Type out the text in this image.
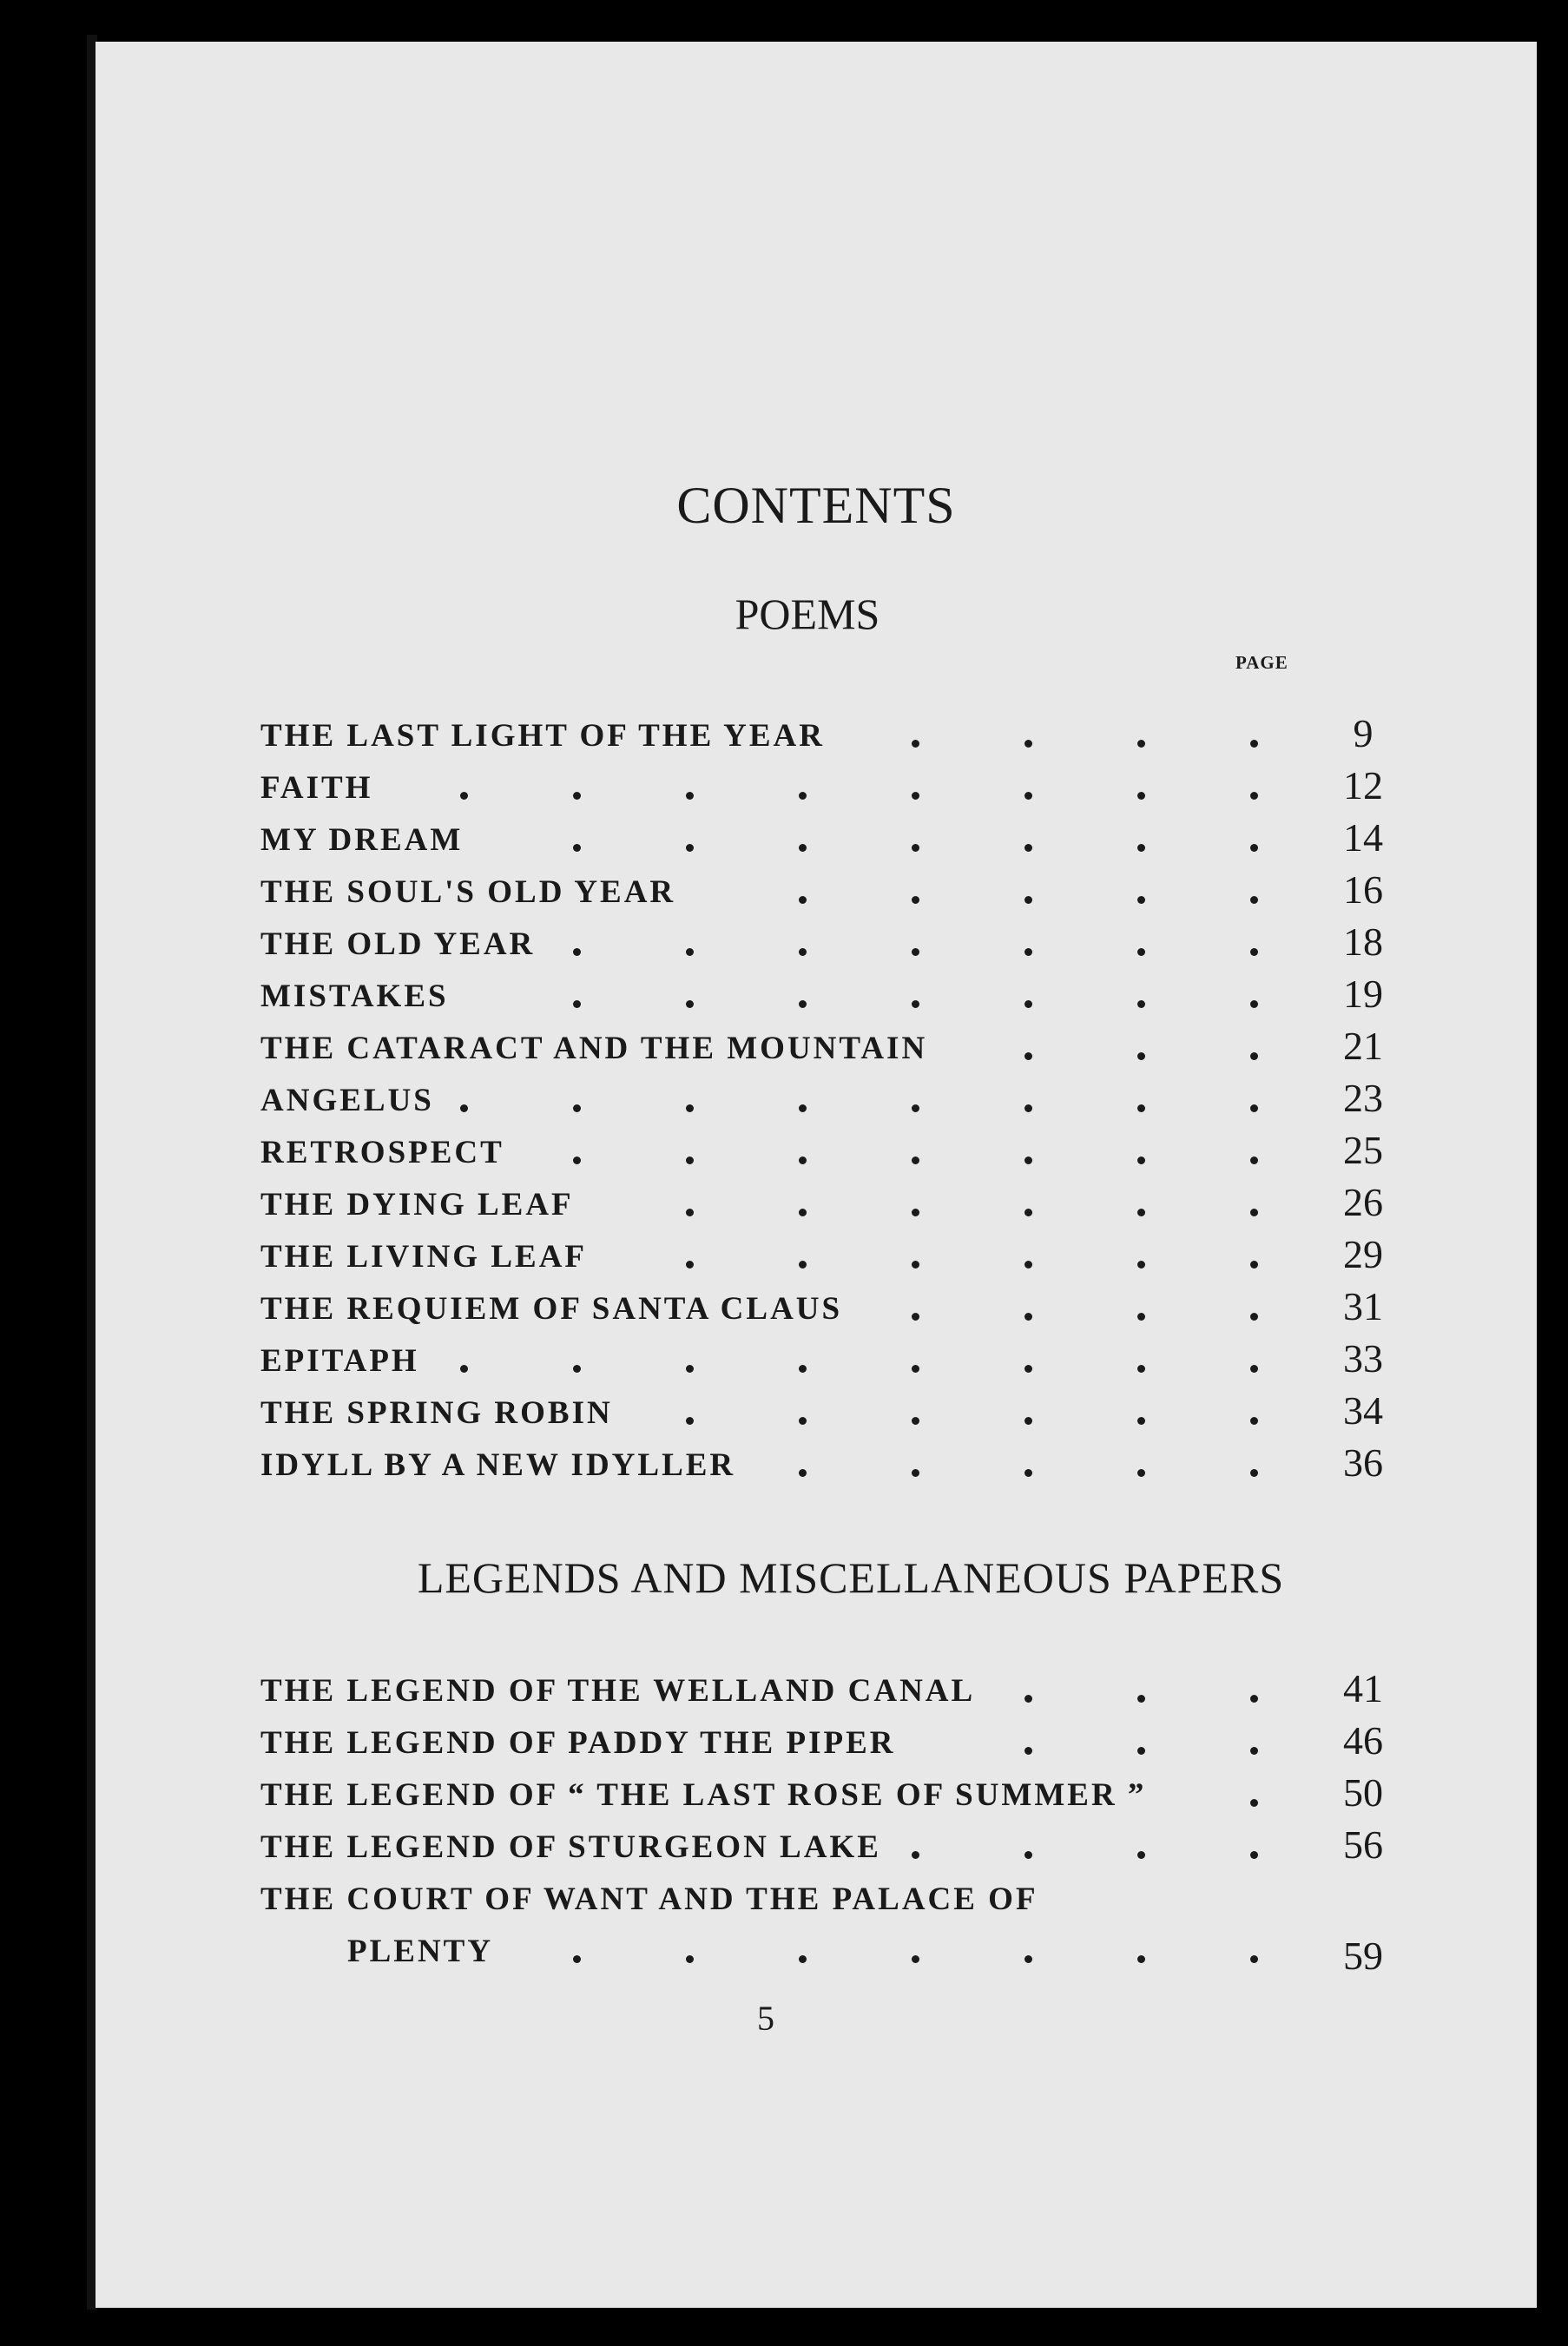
CONTENTS
POEMS
PAGE
THE LAST LIGHT OF THE YEAR	9
FAITH	12
MY DREAM	14
THE SOUL'S OLD YEAR	16
THE OLD YEAR	18
MISTAKES	19
THE CATARACT AND THE MOUNTAIN	21
ANGELUS	23
RETROSPECT	25
THE DYING LEAF	26
THE LIVING LEAF	29
THE REQUIEM OF SANTA CLAUS	31
EPITAPH	33
THE SPRING ROBIN	34
IDYLL BY A NEW IDYLLER	36
LEGENDS AND MISCELLANEOUS PAPERS
THE LEGEND OF THE WELLAND CANAL	41
THE LEGEND OF PADDY THE PIPER	46
THE LEGEND OF “ THE LAST ROSE OF SUMMER ”	50
THE LEGEND OF STURGEON LAKE	56
THE COURT OF WANT AND THE PALACE OF
PLENTY	59
5
